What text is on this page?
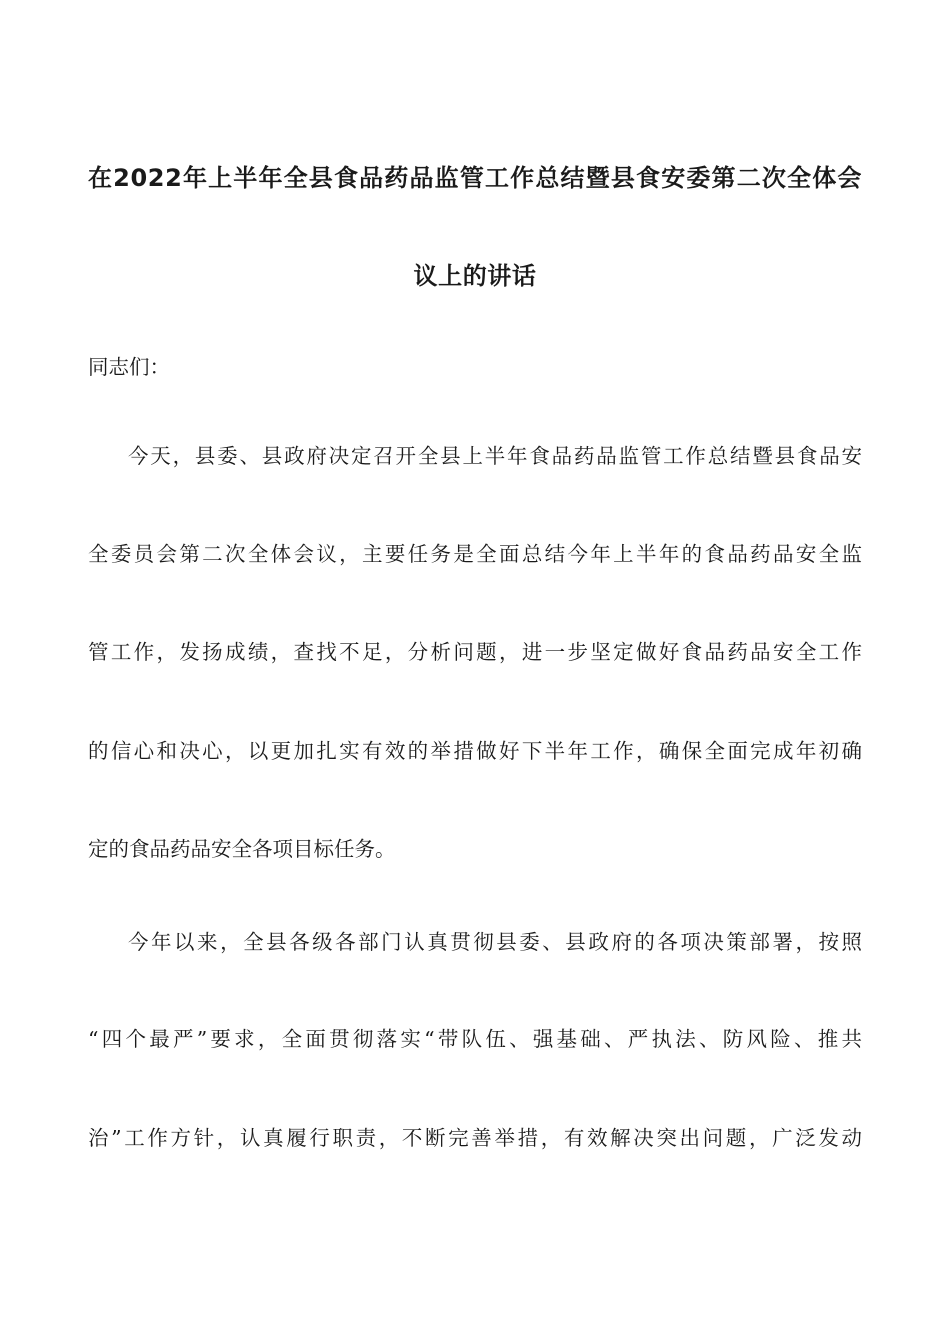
在2022年上半年全县食品药品监管工作总结暨县食安委第二次全体会
议上的讲话
同志们：
今天，县委、县政府决定召开全县上半年食品药品监管工作总结暨县食品安
全委员会第二次全体会议，主要任务是全面总结今年上半年的食品药品安全监
管工作，发扬成绩，查找不足，分析问题，进一步坚定做好食品药品安全工作
的信心和决心，以更加扎实有效的举措做好下半年工作，确保全面完成年初确
定的食品药品安全各项目标任务。
今年以来，全县各级各部门认真贯彻县委、县政府的各项决策部署，按照
“四个最严”要求，全面贯彻落实“带队伍、强基础、严执法、防风险、推共
治”工作方针，认真履行职责，不断完善举措，有效解决突出问题，广泛发动
